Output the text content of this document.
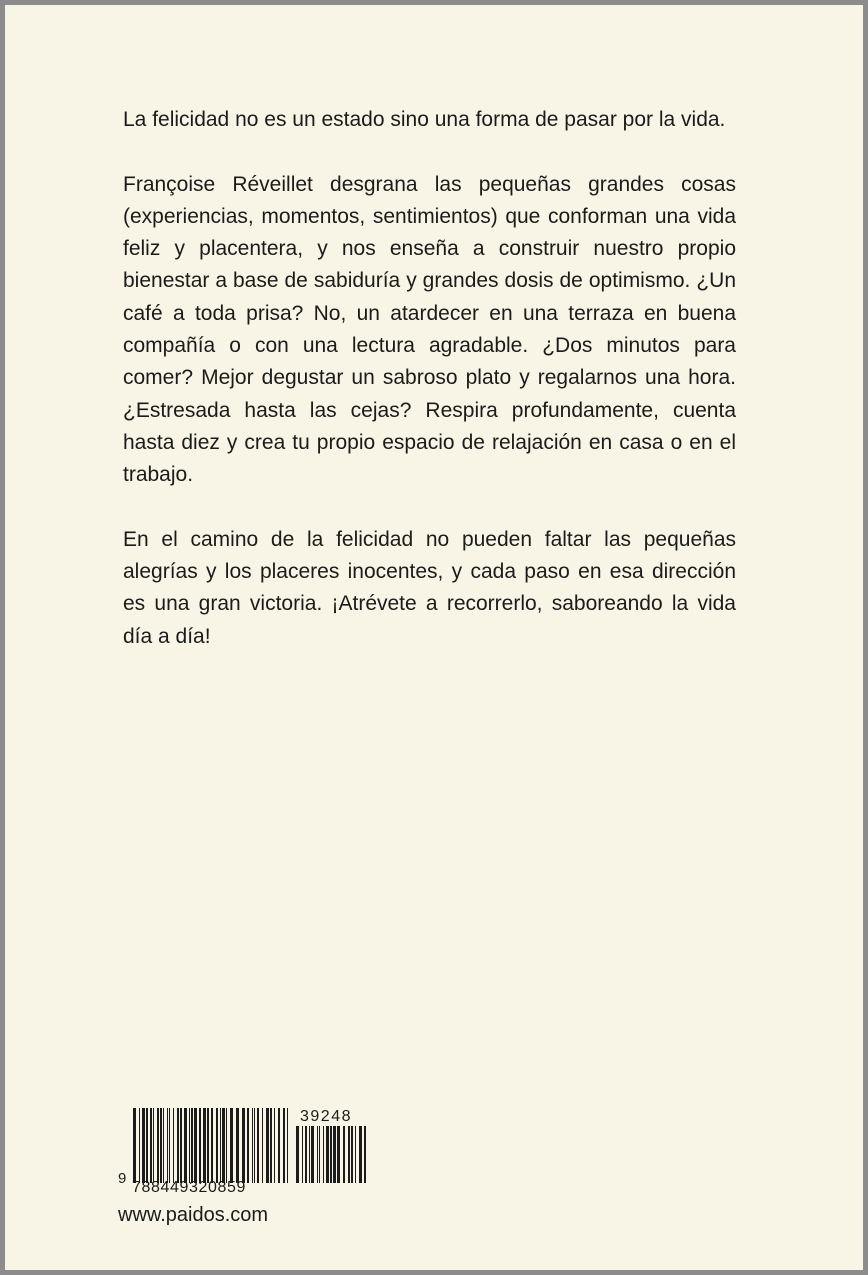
La felicidad no es un estado sino una forma de pasar por la vida.

Françoise Réveillet desgrana las pequeñas grandes cosas (experiencias, momentos, sentimientos) que conforman una vida feliz y placentera, y nos enseña a construir nuestro propio bienestar a base de sabiduría y grandes dosis de optimismo. ¿Un café a toda prisa? No, un atardecer en una terraza en buena compañía o con una lectura agradable. ¿Dos minutos para comer? Mejor degustar un sabroso plato y regalarnos una hora. ¿Estresada hasta las cejas? Respira profundamente, cuenta hasta diez y crea tu propio espacio de relajación en casa o en el trabajo.

En el camino de la felicidad no pueden faltar las pequeñas alegrías y los placeres inocentes, y cada paso en esa dirección es una gran victoria. ¡Atrévete a recorrerlo, saboreando la vida día a día!

9
788449320859
39248
www.paidos.com
